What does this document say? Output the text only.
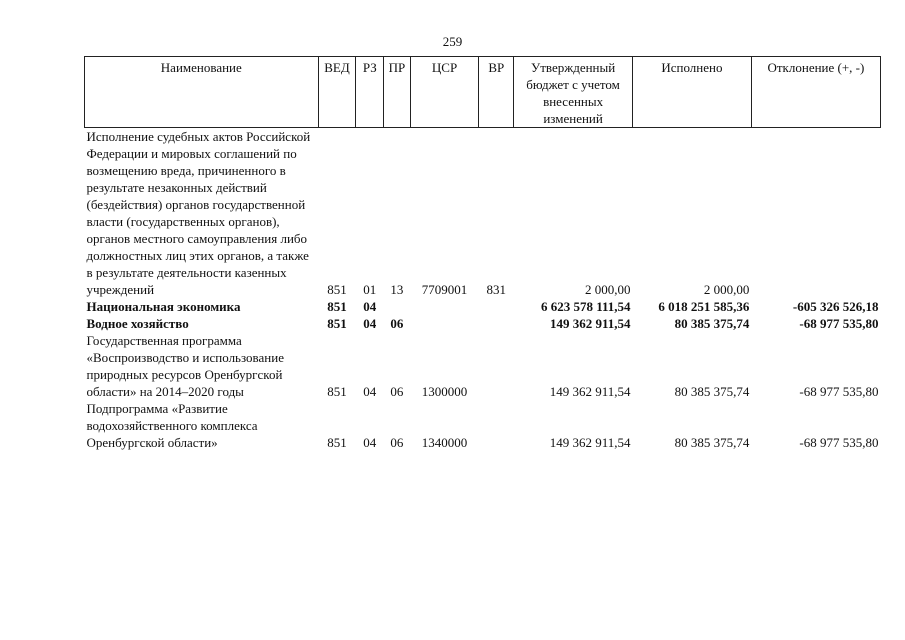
259
Наименование	ВЕД	РЗ	ПР	ЦСР	ВР	Утвержденный бюджет с учетом внесенных изменений	Исполнено	Отклонение (+, -)
Исполнение судебных актов Российской Федерации и мировых соглашений по возмещению вреда, причиненного в результате незаконных действий (бездействия) органов государственной власти (государственных органов), органов местного самоуправления либо должностных лиц этих органов, а также в результате деятельности казенных учреждений	851	01	13	7709001	831	2 000,00	2 000,00	
Национальная экономика	851	04				6 623 578 111,54	6 018 251 585,36	-605 326 526,18
Водное хозяйство	851	04	06			149 362 911,54	80 385 375,74	-68 977 535,80
Государственная программа «Воспроизводство и использование природных ресурсов Оренбургской области» на 2014–2020 годы	851	04	06	1300000		149 362 911,54	80 385 375,74	-68 977 535,80
Подпрограмма «Развитие водохозяйственного комплекса Оренбургской области»	851	04	06	1340000		149 362 911,54	80 385 375,74	-68 977 535,80
